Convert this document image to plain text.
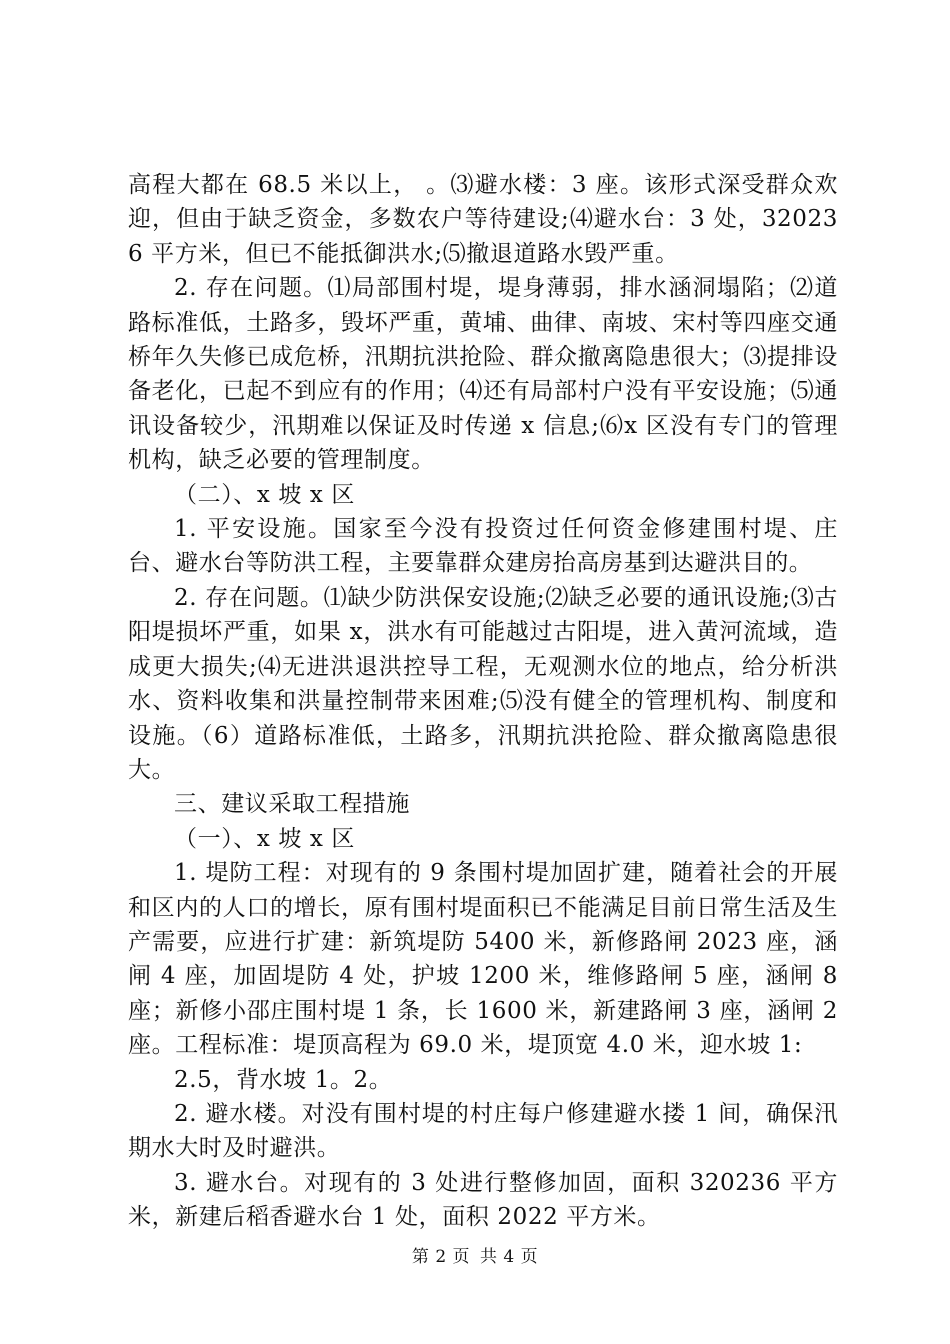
高程大都在 68.5 米以上， 。⑶避水楼：3 座。该形式深受群众欢迎，但由于缺乏资金，多数农户等待建设;⑷避水台：3 处，320236 平方米，但已不能抵御洪水;⑸撤退道路水毁严重。

2. 存在问题。⑴局部围村堤，堤身薄弱，排水涵洞塌陷；⑵道路标准低，土路多，毁坏严重，黄埔、曲律、南坡、宋村等四座交通桥年久失修已成危桥，汛期抗洪抢险、群众撤离隐患很大；⑶提排设备老化，已起不到应有的作用；⑷还有局部村户没有平安设施；⑸通讯设备较少，汛期难以保证及时传递 x 信息;⑹x 区没有专门的管理机构，缺乏必要的管理制度。

（二）、x 坡 x 区

1. 平安设施。国家至今没有投资过任何资金修建围村堤、庄台、避水台等防洪工程，主要靠群众建房抬高房基到达避洪目的。

2. 存在问题。⑴缺少防洪保安设施;⑵缺乏必要的通讯设施;⑶古阳堤损坏严重，如果 x，洪水有可能越过古阳堤，进入黄河流域，造成更大损失;⑷无进洪退洪控导工程，无观测水位的地点，给分析洪水、资料收集和洪量控制带来困难;⑸没有健全的管理机构、制度和设施。（6）道路标准低，土路多，汛期抗洪抢险、群众撤离隐患很大。

三、建议采取工程措施

（一）、x 坡 x 区

1. 堤防工程：对现有的 9 条围村堤加固扩建，随着社会的开展和区内的人口的增长，原有围村堤面积已不能满足目前日常生活及生产需要，应进行扩建：新筑堤防 5400 米，新修路闸 2023 座，涵闸 4 座，加固堤防 4 处，护坡 1200 米，维修路闸 5 座，涵闸 8 座；新修小邵庄围村堤 1 条，长 1600 米，新建路闸 3 座，涵闸 2 座。工程标准：堤顶高程为 69.0 米，堤顶宽 4.0 米，迎水坡 1:

2.5，背水坡 1。2。

2. 避水楼。对没有围村堤的村庄每户修建避水搂 1 间，确保汛期水大时及时避洪。

3. 避水台。对现有的 3 处进行整修加固，面积 320236 平方米，新建后稻香避水台 1 处，面积 2022 平方米。

第 2 页 共 4 页
